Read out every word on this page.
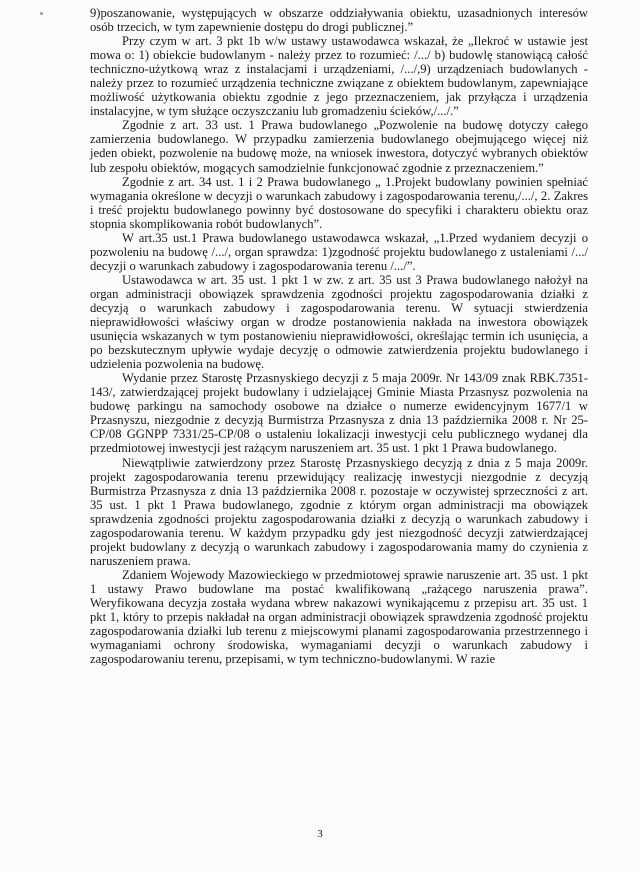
9)poszanowanie, występujących w obszarze oddziaływania obiektu, uzasadnionych interesów osób trzecich, w tym zapewnienie dostępu do drogi publicznej.”

Przy czym w art. 3 pkt 1b w/w ustawy ustawodawca wskazał, że „Ilekroć w ustawie jest mowa o: 1) obiekcie budowlanym - należy przez to rozumieć: /.../ b) budowlę stanowiącą całość techniczno-użytkową wraz z instalacjami i urządzeniami, /.../,9) urządzeniach budowlanych - należy przez to rozumieć urządzenia techniczne związane z obiektem budowlanym, zapewniające możliwość użytkowania obiektu zgodnie z jego przeznaczeniem, jak przyłącza i urządzenia instalacyjne, w tym służące oczyszczaniu lub gromadzeniu ścieków,/.../.”

Zgodnie z art. 33 ust. 1 Prawa budowlanego „Pozwolenie na budowę dotyczy całego zamierzenia budowlanego. W przypadku zamierzenia budowlanego obejmującego więcej niż jeden obiekt, pozwolenie na budowę może, na wniosek inwestora, dotyczyć wybranych obiektów lub zespołu obiektów, mogących samodzielnie funkcjonować zgodnie z przeznaczeniem.”

Zgodnie z art. 34 ust. 1 i 2 Prawa budowlanego „ 1.Projekt budowlany powinien spełniać wymagania określone w decyzji o warunkach zabudowy i zagospodarowania terenu,/.../, 2. Zakres i treść projektu budowlanego powinny być dostosowane do specyfiki i charakteru obiektu oraz stopnia skomplikowania robót budowlanych”.

W art.35 ust.1 Prawa budowlanego ustawodawca wskazał, „1.Przed wydaniem decyzji o pozwoleniu na budowę /.../, organ sprawdza: 1)zgodność projektu budowlanego z ustaleniami /.../ decyzji o warunkach zabudowy i zagospodarowania terenu /.../”.

Ustawodawca w art. 35 ust. 1 pkt 1 w zw. z art. 35 ust 3 Prawa budowlanego nałożył na organ administracji obowiązek sprawdzenia zgodności projektu zagospodarowania działki z decyzją o warunkach zabudowy i zagospodarowania terenu. W sytuacji stwierdzenia nieprawidłowości właściwy organ w drodze postanowienia nakłada na inwestora obowiązek usunięcia wskazanych w tym postanowieniu nieprawidłowości, określając termin ich usunięcia, a po bezskutecznym upływie wydaje decyzję o odmowie zatwierdzenia projektu budowlanego i udzielenia pozwolenia na budowę.

Wydanie przez Starostę Przasnyskiego decyzji z 5 maja 2009r. Nr 143/09 znak RBK.7351-143/, zatwierdzającej projekt budowlany i udzielającej Gminie Miasta Przasnysz pozwolenia na budowę parkingu na samochody osobowe na działce o numerze ewidencyjnym 1677/1 w Przasnyszu, niezgodnie z decyzją Burmistrza Przasnysza z dnia 13 października 2008 r. Nr 25-CP/08 GGNPP 7331/25-CP/08 o ustaleniu lokalizacji inwestycji celu publicznego wydanej dla przedmiotowej inwestycji jest rażącym naruszeniem art. 35 ust. 1 pkt 1 Prawa budowlanego.

Niewątpliwie zatwierdzony przez Starostę Przasnyskiego decyzją z dnia z 5 maja 2009r. projekt zagospodarowania terenu przewidujący realizację inwestycji niezgodnie z decyzją Burmistrza Przasnysza z dnia 13 października 2008 r. pozostaje w oczywistej sprzeczności z art. 35 ust. 1 pkt 1 Prawa budowlanego, zgodnie z którym organ administracji ma obowiązek sprawdzenia zgodności projektu zagospodarowania działki z decyzją o warunkach zabudowy i zagospodarowania terenu. W każdym przypadku gdy jest niezgodność decyzji zatwierdzającej projekt budowlany z decyzją o warunkach zabudowy i zagospodarowania mamy do czynienia z naruszeniem prawa.

Zdaniem Wojewody Mazowieckiego w przedmiotowej sprawie naruszenie art. 35 ust. 1 pkt 1 ustawy Prawo budowlane ma postać kwalifikowaną „rażącego naruszenia prawa”. Weryfikowana decyzja została wydana wbrew nakazowi wynikającemu z przepisu art. 35 ust. 1 pkt 1, który to przepis nakładał na organ administracji obowiązek sprawdzenia zgodność projektu zagospodarowania działki lub terenu z miejscowymi planami zagospodarowania przestrzennego i wymaganiami ochrony środowiska, wymaganiami decyzji o warunkach zabudowy i zagospodarowaniu terenu, przepisami, w tym techniczno-budowlanymi. W razie

3
